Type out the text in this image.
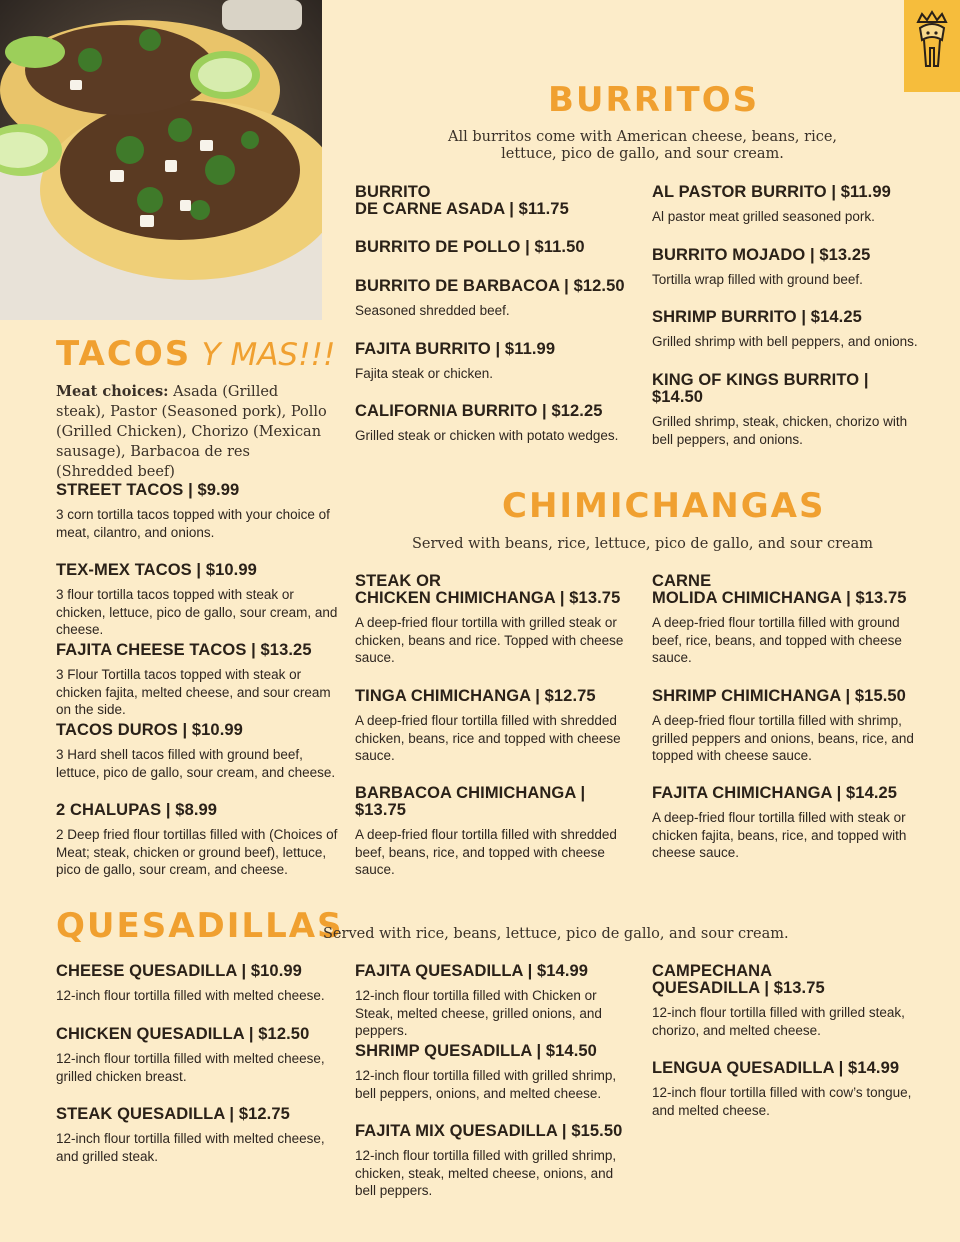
BURRITOS
All burritos come with American cheese, beans, rice,
lettuce, pico de gallo, and sour cream.
BURRITO
DE CARNE ASADA | $11.75
BURRITO DE POLLO | $11.50
BURRITO DE BARBACOA | $12.50
Seasoned shredded beef.
FAJITA BURRITO | $11.99
Fajita steak or chicken.
CALIFORNIA BURRITO | $12.25
Grilled steak or chicken with potato wedges.
AL PASTOR BURRITO | $11.99
Al pastor meat grilled seasoned pork.
BURRITO MOJADO | $13.25
Tortilla wrap filled with ground beef.
SHRIMP BURRITO | $14.25
Grilled shrimp with bell peppers, and onions.
KING OF KINGS BURRITO | $14.50
Grilled shrimp, steak, chicken, chorizo with bell peppers, and onions.
TACOS Y MAS!!!
Meat choices: Asada (Grilled steak), Pastor (Seasoned pork), Pollo (Grilled Chicken), Chorizo (Mexican sausage), Barbacoa de res (Shredded beef)
STREET TACOS | $9.99
3 corn tortilla tacos topped with your choice of meat, cilantro, and onions.
TEX-MEX TACOS | $10.99
3 flour tortilla tacos topped with steak or chicken, lettuce, pico de gallo, sour cream, and cheese.
FAJITA CHEESE TACOS | $13.25
3 Flour Tortilla tacos topped with steak or chicken fajita, melted cheese, and sour cream on the side.
TACOS DUROS | $10.99
3 Hard shell tacos filled with ground beef, lettuce, pico de gallo, sour cream, and cheese.
2 CHALUPAS | $8.99
2 Deep fried flour tortillas filled with (Choices of Meat; steak, chicken or ground beef), lettuce, pico de gallo, sour cream, and cheese.
CHIMICHANGAS
Served with beans, rice, lettuce, pico de gallo, and sour cream
STEAK OR
CHICKEN CHIMICHANGA | $13.75
A deep-fried flour tortilla with grilled steak or chicken, beans and rice. Topped with cheese sauce.
TINGA CHIMICHANGA | $12.75
A deep-fried flour tortilla filled with shredded chicken, beans, rice and topped with cheese sauce.
BARBACOA CHIMICHANGA | $13.75
A deep-fried flour tortilla filled with shredded beef, beans, rice, and topped with cheese sauce.
CARNE
MOLIDA CHIMICHANGA | $13.75
A deep-fried flour tortilla filled with ground beef, rice, beans, and topped with cheese sauce.
SHRIMP CHIMICHANGA | $15.50
A deep-fried flour tortilla filled with shrimp, grilled peppers and onions, beans, rice, and topped with cheese sauce.
FAJITA CHIMICHANGA | $14.25
A deep-fried flour tortilla filled with steak or chicken fajita, beans, rice, and topped with cheese sauce.
QUESADILLAS
Served with rice, beans, lettuce, pico de gallo, and sour cream.
CHEESE QUESADILLA | $10.99
12-inch flour tortilla filled with melted cheese.
CHICKEN QUESADILLA | $12.50
12-inch flour tortilla filled with melted cheese, grilled chicken breast.
STEAK QUESADILLA | $12.75
12-inch flour tortilla filled with melted cheese, and grilled steak.
FAJITA QUESADILLA | $14.99
12-inch flour tortilla filled with Chicken or Steak, melted cheese, grilled onions, and peppers.
SHRIMP QUESADILLA | $14.50
12-inch flour tortilla filled with grilled shrimp, bell peppers, onions, and melted cheese.
FAJITA MIX QUESADILLA | $15.50
12-inch flour tortilla filled with grilled shrimp, chicken, steak, melted cheese, onions, and bell peppers.
CAMPECHANA
QUESADILLA | $13.75
12-inch flour tortilla filled with grilled steak, chorizo, and melted cheese.
LENGUA QUESADILLA | $14.99
12-inch flour tortilla filled with cow’s tongue, and melted cheese.
